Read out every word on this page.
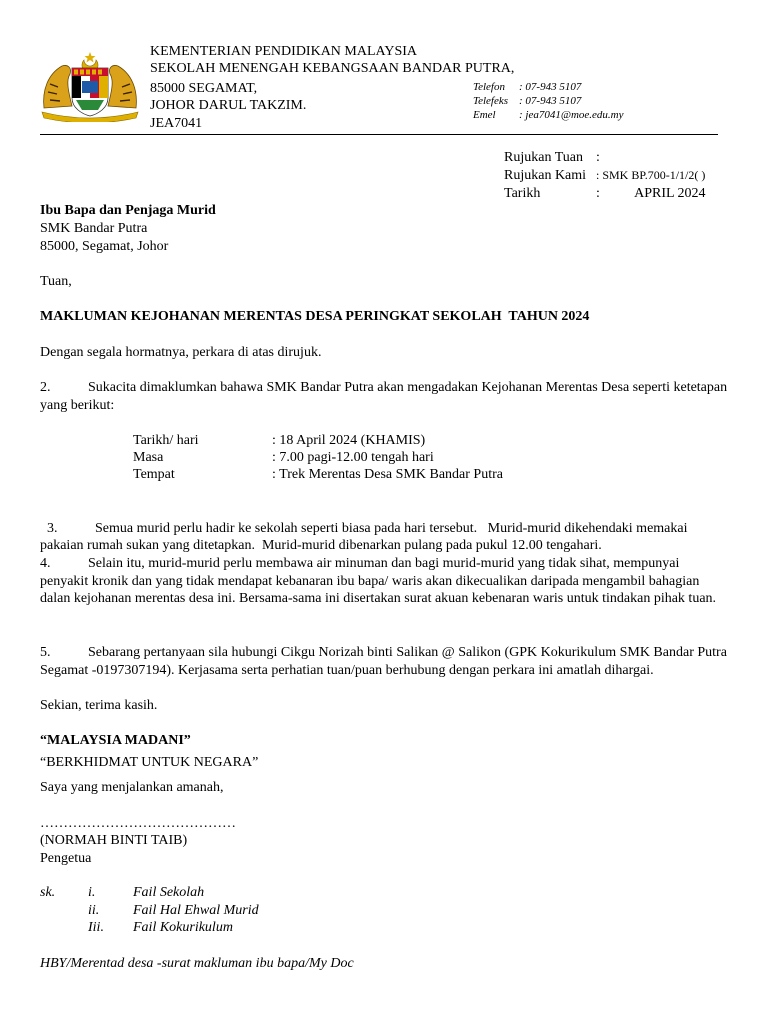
KEMENTERIAN PENDIDIKAN MALAYSIA
SEKOLAH MENENGAH KEBANGSAAN BANDAR PUTRA,
85000 SEGAMAT,
JOHOR DARUL TAKZIM.
JEA7041
Telefon : 07-943 5107
Telefeks : 07-943 5107
Emel : jea7041@moe.edu.my
Rujukan Tuan :
Rujukan Kami : SMK BP.700-1/1/2( )
Tarikh	:          APRIL 2024
Ibu Bapa dan Penjaga Murid
SMK Bandar Putra
85000, Segamat, Johor
Tuan,
MAKLUMAN KEJOHANAN MERENTAS DESA PERINGKAT SEKOLAH  TAHUN 2024
Dengan segala hormatnya, perkara di atas dirujuk.
2.	Sukacita dimaklumkan bahawa SMK Bandar Putra akan mengadakan Kejohanan Merentas Desa seperti ketetapan yang berikut:
Tarikh/ hari	: 18 April 2024 (KHAMIS)
Masa	: 7.00 pagi-12.00 tengah hari
Tempat	: Trek Merentas Desa SMK Bandar Putra

3.	Semua murid perlu hadir ke sekolah seperti biasa pada hari tersebut.   Murid-murid dikehendaki memakai pakaian rumah sukan yang ditetapkan.  Murid-murid dibenarkan pulang pada pukul 12.00 tengahari.

4.	Selain itu, murid-murid perlu membawa air minuman dan bagi murid-murid yang tidak sihat, mempunyai penyakit kronik dan yang tidak mendapat kebanaran ibu bapa/ waris akan dikecualikan daripada mengambil bahagian dalan kejohanan merentas desa ini. Bersama-sama ini disertakan surat akuan kebenaran waris untuk tindakan pihak tuan.
5.	Sebarang pertanyaan sila hubungi Cikgu Norizah binti Salikan @ Salikon (GPK Kokurikulum SMK Bandar Putra Segamat -0197307194). Kerjasama serta perhatian tuan/puan berhubung dengan perkara ini amatlah dihargai.
Sekian, terima kasih.
“MALAYSIA MADANI”
“BERKHIDMAT UNTUK NEGARA”
Saya yang menjalankan amanah,
……………………………………
(NORMAH BINTI TAIB)
Pengetua
sk. i.	Fail Sekolah
ii. Fail Hal Ehwal Murid
Iii. Fail Kokurikulum
HBY/Merentad desa -surat makluman ibu bapa/My Doc
